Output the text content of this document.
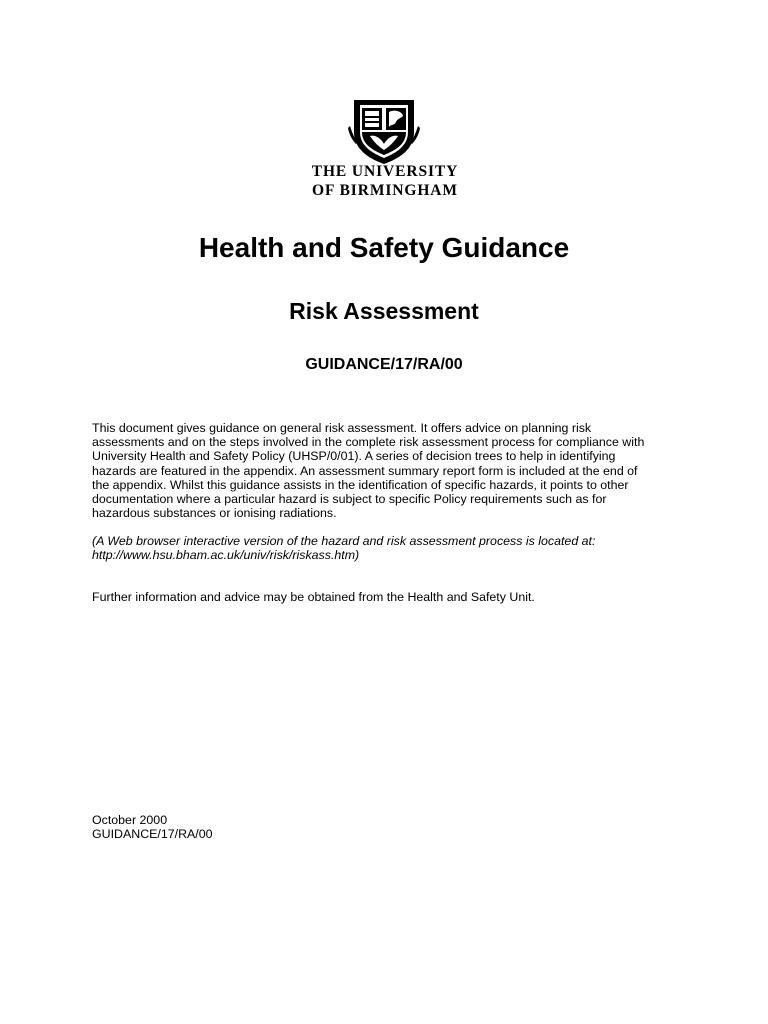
THE UNIVERSITY
OF BIRMINGHAM
Health and Safety Guidance
Risk Assessment
GUIDANCE/17/RA/00
This document gives guidance on general risk assessment. It offers advice on planning risk
assessments and on the steps involved in the complete risk assessment process for compliance with
University Health and Safety Policy (UHSP/0/01). A series of decision trees to help in identifying
hazards are featured in the appendix. An assessment summary report form is included at the end of
the appendix. Whilst this guidance assists in the identification of specific hazards, it points to other
documentation where a particular hazard is subject to specific Policy requirements such as for
hazardous substances or ionising radiations.
(A Web browser interactive version of the hazard and risk assessment process is located at:
http://www.hsu.bham.ac.uk/univ/risk/riskass.htm)
Further information and advice may be obtained from the Health and Safety Unit.
October 2000
GUIDANCE/17/RA/00
